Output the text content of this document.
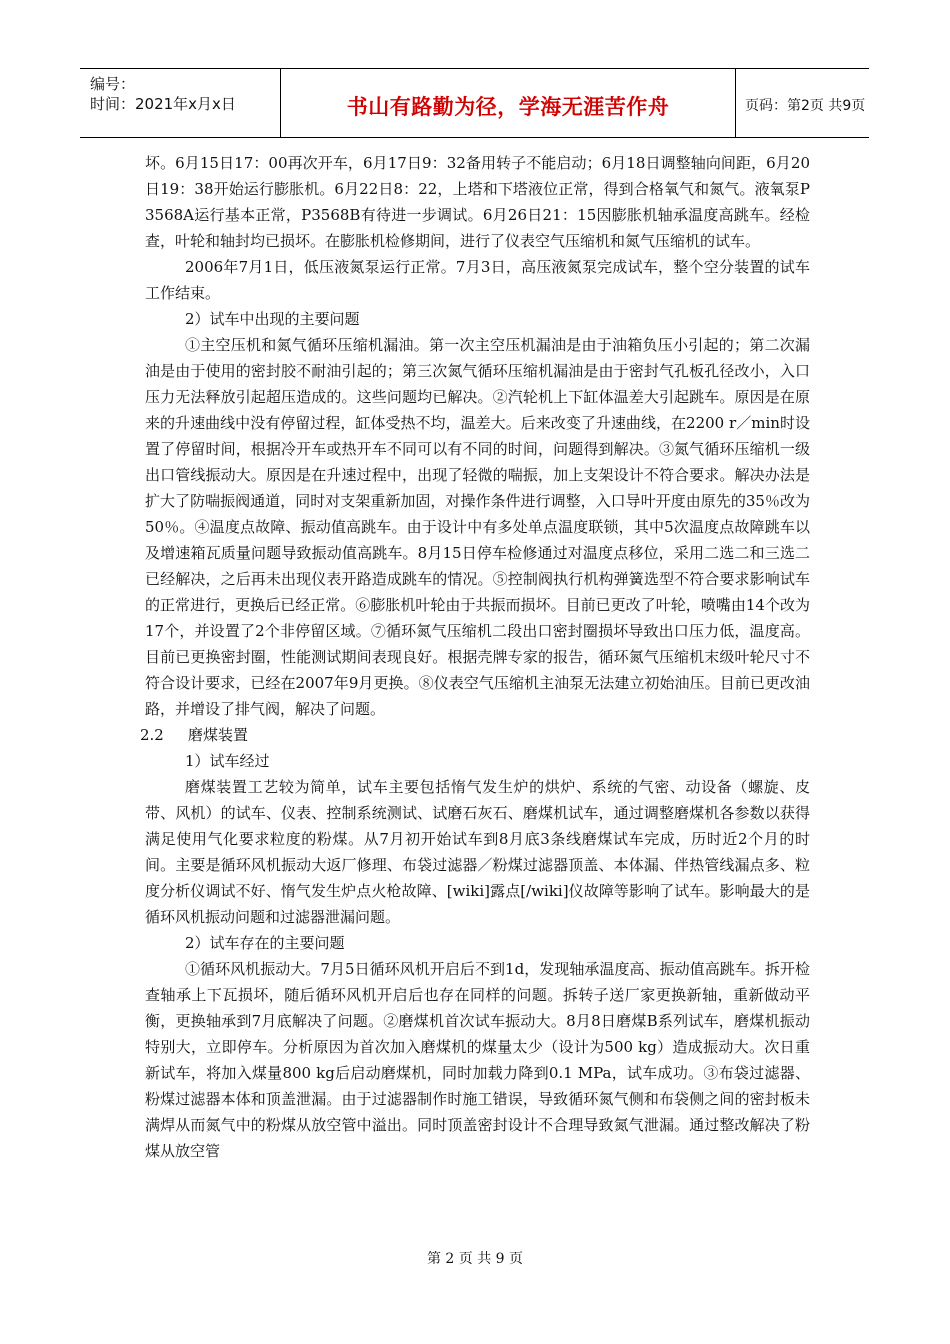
编号：
时间：2021年x月x日	书山有路勤为径，学海无涯苦作舟	页码：第2页 共9页

坏。6月15日17：00再次开车，6月17日9：32备用转子不能启动；6月18日调整轴向间距，6月20日19：38开始运行膨胀机。6月22日8：22，上塔和下塔液位正常，得到合格氧气和氮气。液氧泵P3568A运行基本正常，P3568B有待进一步调试。6月26日21：15因膨胀机轴承温度高跳车。经检查，叶轮和轴封均已损坏。在膨胀机检修期间，进行了仪表空气压缩机和氮气压缩机的试车。

2006年7月1日，低压液氮泵运行正常。7月3日，高压液氮泵完成试车，整个空分装置的试车工作结束。

2）试车中出现的主要问题

①主空压机和氮气循环压缩机漏油。第一次主空压机漏油是由于油箱负压小引起的；第二次漏油是由于使用的密封胶不耐油引起的；第三次氮气循环压缩机漏油是由于密封气孔板孔径改小，入口压力无法释放引起超压造成的。这些问题均已解决。②汽轮机上下缸体温差大引起跳车。原因是在原来的升速曲线中没有停留过程，缸体受热不均，温差大。后来改变了升速曲线，在2200 r／min时设置了停留时间，根据冷开车或热开车不同可以有不同的时间，问题得到解决。③氮气循环压缩机一级出口管线振动大。原因是在升速过程中，出现了轻微的喘振，加上支架设计不符合要求。解决办法是扩大了防喘振阀通道，同时对支架重新加固，对操作条件进行调整，入口导叶开度由原先的35％改为50％。④温度点故障、振动值高跳车。由于设计中有多处单点温度联锁，其中5次温度点故障跳车以及增速箱瓦质量问题导致振动值高跳车。8月15日停车检修通过对温度点移位，采用二选二和三选二已经解决，之后再未出现仪表开路造成跳车的情况。⑤控制阀执行机构弹簧选型不符合要求影响试车的正常进行，更换后已经正常。⑥膨胀机叶轮由于共振而损坏。目前已更改了叶轮，喷嘴由14个改为17个，并设置了2个非停留区域。⑦循环氮气压缩机二段出口密封圈损坏导致出口压力低，温度高。目前已更换密封圈，性能测试期间表现良好。根据壳牌专家的报告，循环氮气压缩机末级叶轮尺寸不符合设计要求，已经在2007年9月更换。⑧仪表空气压缩机主油泵无法建立初始油压。目前已更改油路，并增设了排气阀，解决了问题。

2.2 磨煤装置

1）试车经过

磨煤装置工艺较为简单，试车主要包括惰气发生炉的烘炉、系统的气密、动设备（螺旋、皮带、风机）的试车、仪表、控制系统测试、试磨石灰石、磨煤机试车，通过调整磨煤机各参数以获得满足使用气化要求粒度的粉煤。从7月初开始试车到8月底3条线磨煤试车完成，历时近2个月的时间。主要是循环风机振动大返厂修理、布袋过滤器／粉煤过滤器顶盖、本体漏、伴热管线漏点多、粒度分析仪调试不好、惰气发生炉点火枪故障、[wiki]露点[/wiki]仪故障等影响了试车。影响最大的是循环风机振动问题和过滤器泄漏问题。

2）试车存在的主要问题

①循环风机振动大。7月5日循环风机开启后不到1d，发现轴承温度高、振动值高跳车。拆开检查轴承上下瓦损坏，随后循环风机开启后也存在同样的问题。拆转子送厂家更换新轴，重新做动平衡，更换轴承到7月底解决了问题。②磨煤机首次试车振动大。8月8日磨煤B系列试车，磨煤机振动特别大，立即停车。分析原因为首次加入磨煤机的煤量太少（设计为500 kg）造成振动大。次日重新试车，将加入煤量800 kg后启动磨煤机，同时加载力降到0.1 MPa，试车成功。③布袋过滤器、粉煤过滤器本体和顶盖泄漏。由于过滤器制作时施工错误，导致循环氮气侧和布袋侧之间的密封板未满焊从而氮气中的粉煤从放空管中溢出。同时顶盖密封设计不合理导致氮气泄漏。通过整改解决了粉煤从放空管

第 2 页 共 9 页
